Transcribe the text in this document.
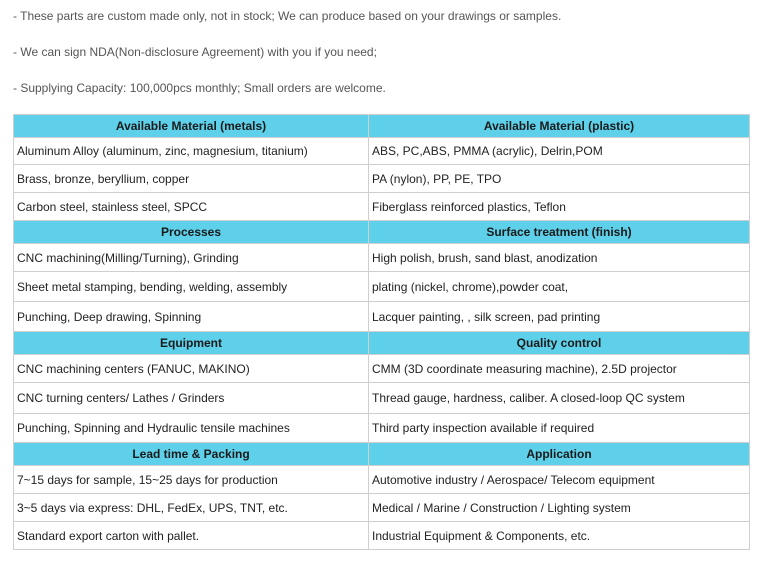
- These parts are custom made only, not in stock; We can produce based on your drawings or samples.
- We can sign NDA(Non-disclosure Agreement) with you if you need;
- Supplying Capacity: 100,000pcs monthly; Small orders are welcome.
Available Material (metals)	Available Material (plastic)
Aluminum Alloy (aluminum, zinc, magnesium, titanium)	ABS, PC,ABS, PMMA (acrylic), Delrin,POM
Brass, bronze, beryllium, copper	PA (nylon), PP, PE, TPO
Carbon steel, stainless steel, SPCC	Fiberglass reinforced plastics, Teflon
Processes	Surface treatment (finish)
CNC machining(Milling/Turning), Grinding	High polish, brush, sand blast, anodization
Sheet metal stamping, bending, welding, assembly	plating (nickel, chrome),powder coat,
Punching, Deep drawing, Spinning	Lacquer painting, , silk screen, pad printing
Equipment	Quality control
CNC machining centers (FANUC, MAKINO)	CMM (3D coordinate measuring machine), 2.5D projector
CNC turning centers/ Lathes / Grinders	Thread gauge, hardness, caliber. A closed-loop QC system
Punching, Spinning and Hydraulic tensile machines	Third party inspection available if required
Lead time & Packing	Application
7~15 days for sample, 15~25 days for production	Automotive industry / Aerospace/ Telecom equipment
3~5 days via express: DHL, FedEx, UPS, TNT, etc.	Medical / Marine / Construction / Lighting system
Standard export carton with pallet.	Industrial Equipment & Components, etc.
